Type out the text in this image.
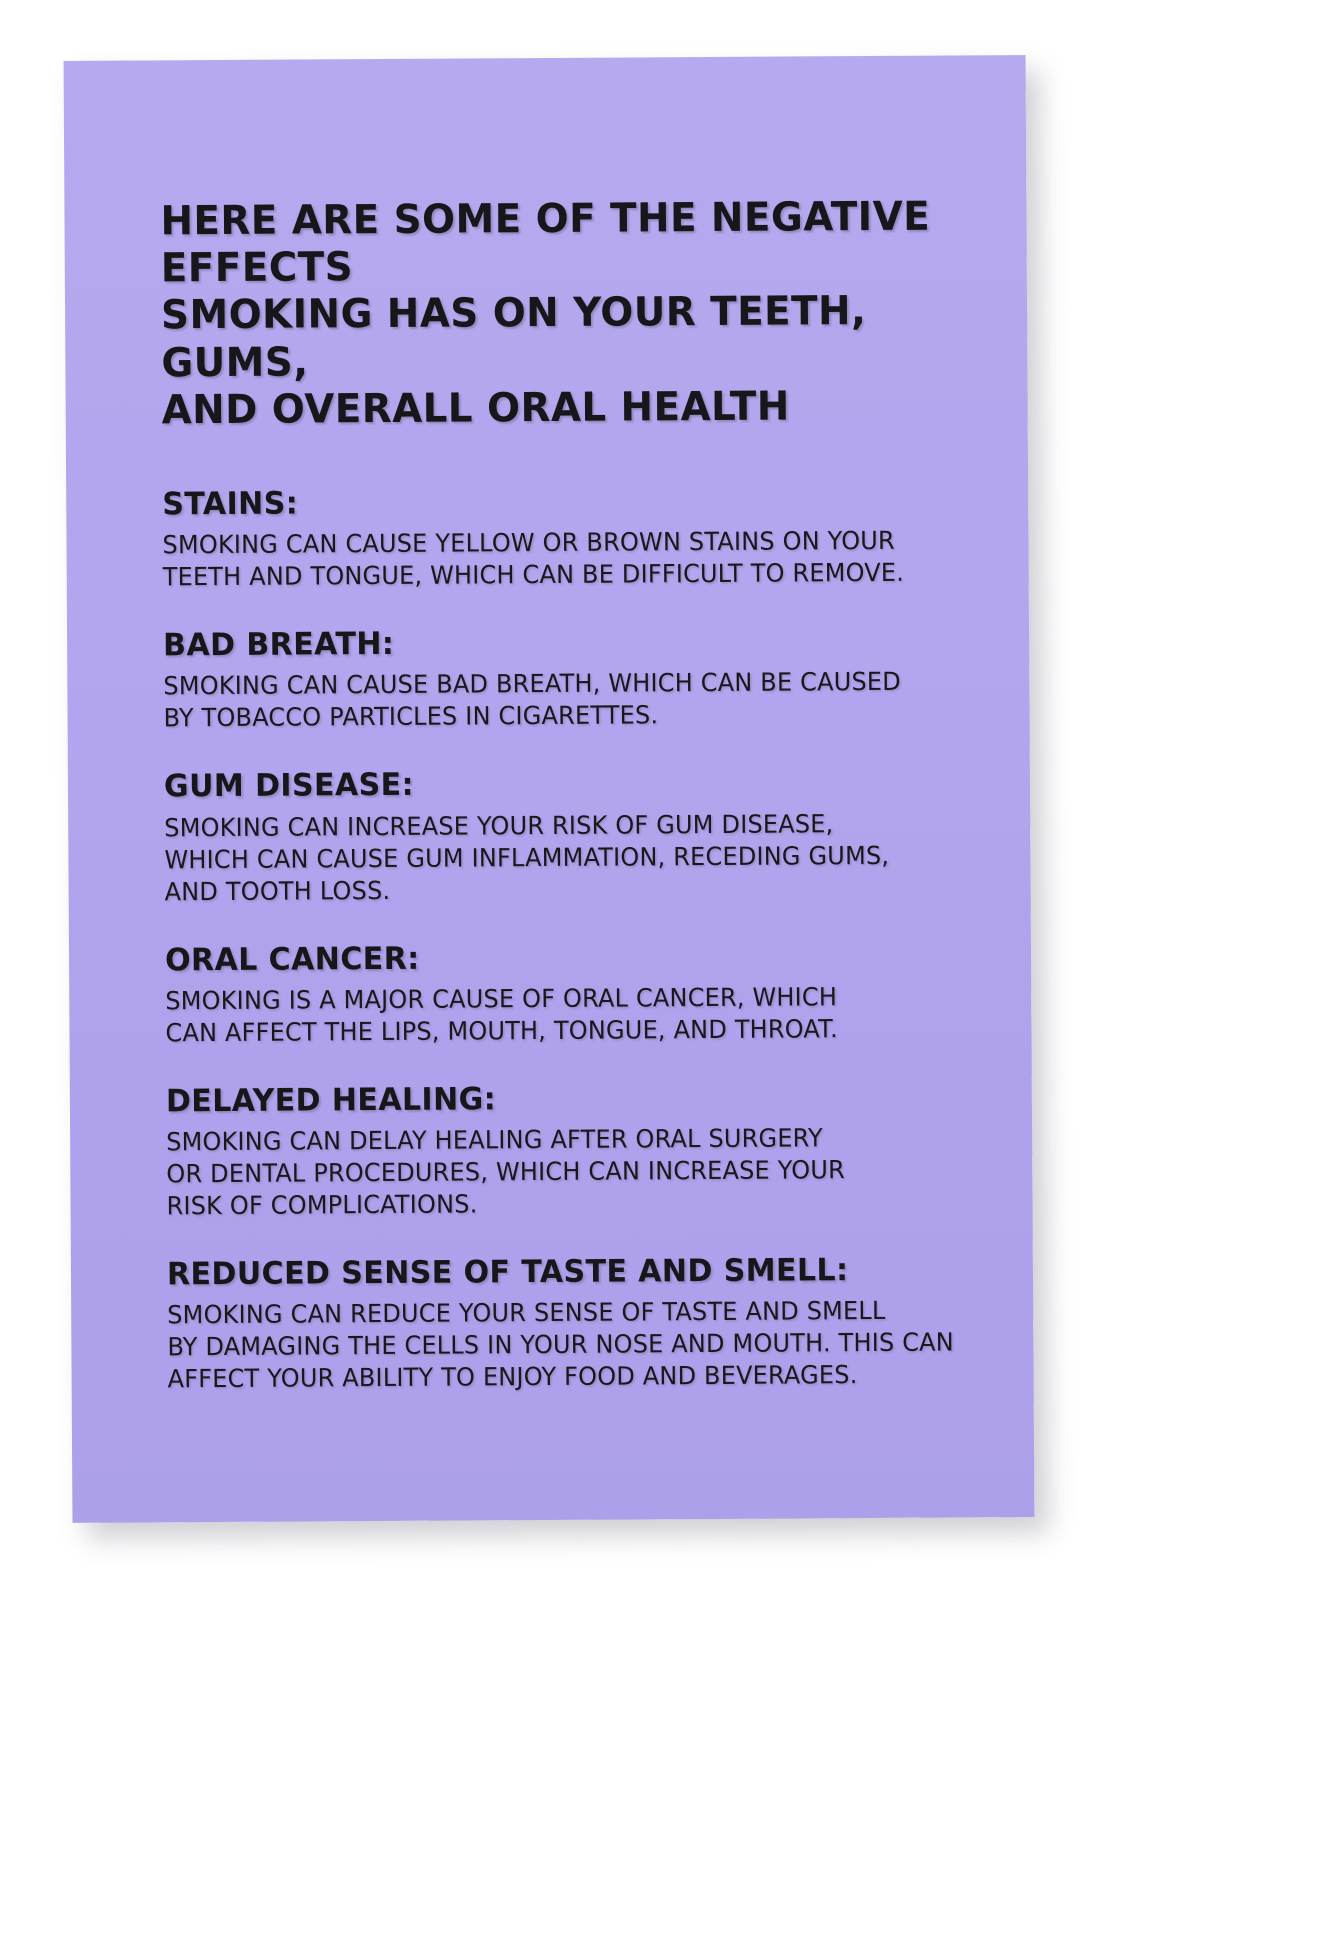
HERE ARE SOME OF THE NEGATIVE EFFECTS
SMOKING HAS ON YOUR TEETH, GUMS,
AND OVERALL ORAL HEALTH
STAINS:
SMOKING CAN CAUSE YELLOW OR BROWN STAINS ON YOUR
TEETH AND TONGUE, WHICH CAN BE DIFFICULT TO REMOVE.
BAD BREATH:
SMOKING CAN CAUSE BAD BREATH, WHICH CAN BE CAUSED
BY TOBACCO PARTICLES IN CIGARETTES.
GUM DISEASE:
SMOKING CAN INCREASE YOUR RISK OF GUM DISEASE,
WHICH CAN CAUSE GUM INFLAMMATION, RECEDING GUMS,
AND TOOTH LOSS.
ORAL CANCER:
SMOKING IS A MAJOR CAUSE OF ORAL CANCER, WHICH
CAN AFFECT THE LIPS, MOUTH, TONGUE, AND THROAT.
DELAYED HEALING:
SMOKING CAN DELAY HEALING AFTER ORAL SURGERY
OR DENTAL PROCEDURES, WHICH CAN INCREASE YOUR
RISK OF COMPLICATIONS.
REDUCED SENSE OF TASTE AND SMELL:
SMOKING CAN REDUCE YOUR SENSE OF TASTE AND SMELL
BY DAMAGING THE CELLS IN YOUR NOSE AND MOUTH. THIS CAN
AFFECT YOUR ABILITY TO ENJOY FOOD AND BEVERAGES.
